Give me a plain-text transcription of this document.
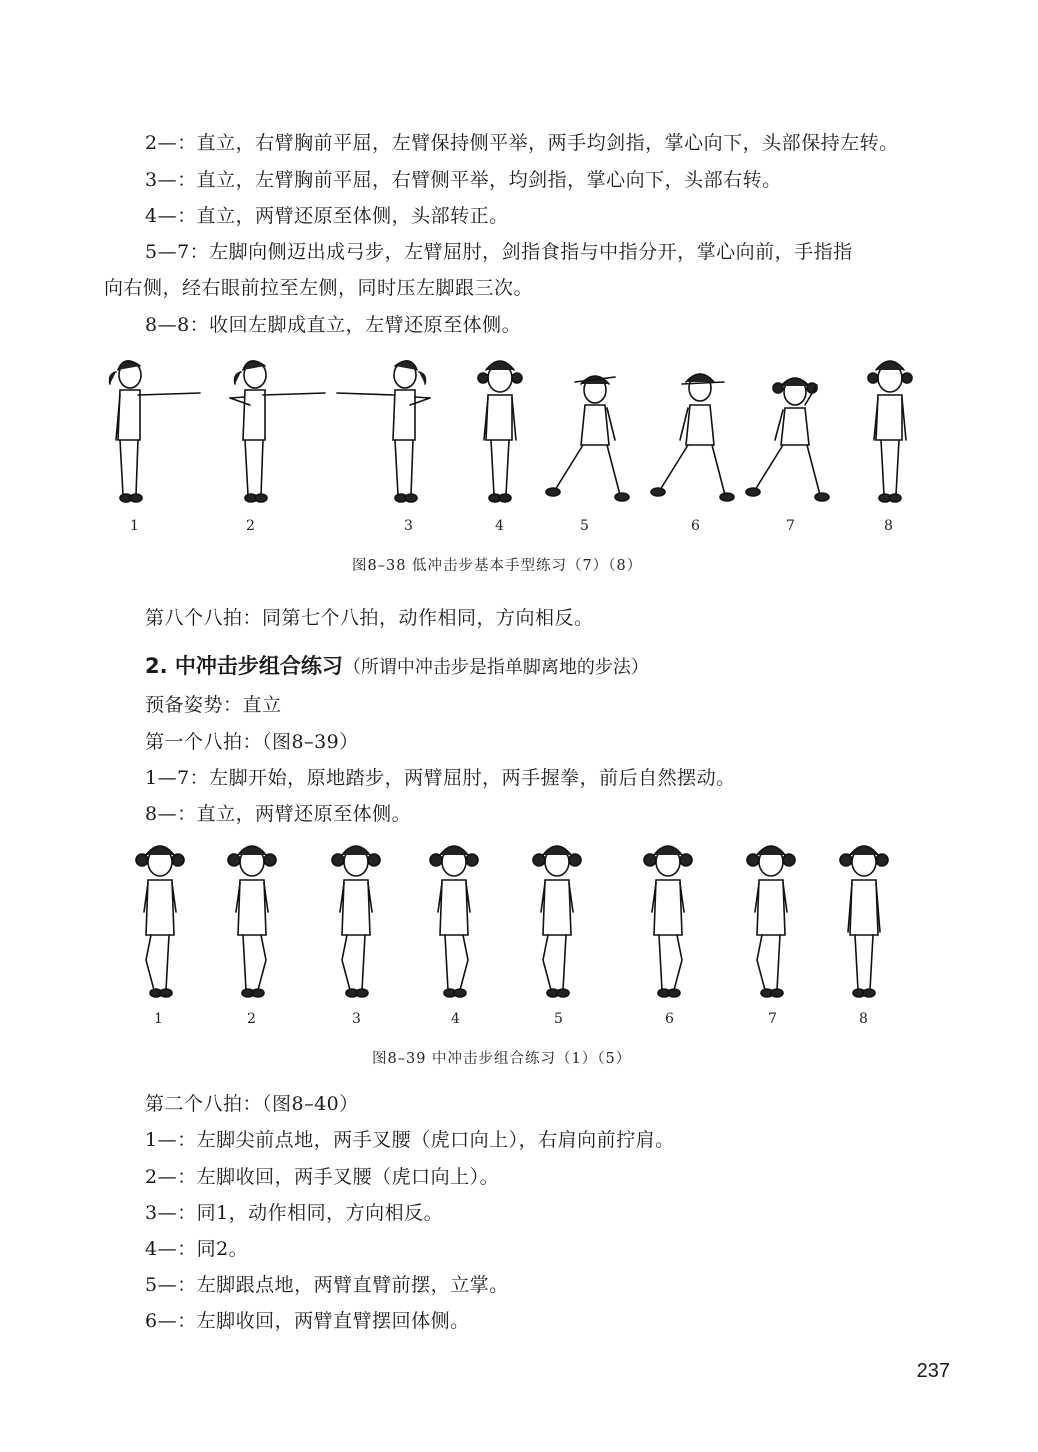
2—：直立，右臂胸前平屈，左臂保持侧平举，两手均剑指，掌心向下，头部保持左转。
3—：直立，左臂胸前平屈，右臂侧平举，均剑指，掌心向下，头部右转。
4—：直立，两臂还原至体侧，头部转正。
5—7：左脚向侧迈出成弓步，左臂屈肘，剑指食指与中指分开，掌心向前，手指指
向右侧，经右眼前拉至左侧，同时压左脚跟三次。
8—8：收回左脚成直立，左臂还原至体侧。
1	2	3	4	5	6	7	8
图8–38 低冲击步基本手型练习（7）（8）
第八个八拍：同第七个八拍，动作相同，方向相反。
2. 中冲击步组合练习（所谓中冲击步是指单脚离地的步法）
预备姿势：直立
第一个八拍：（图8–39）
1—7：左脚开始，原地踏步，两臂屈肘，两手握拳，前后自然摆动。
8—：直立，两臂还原至体侧。
1	2	3	4	5	6	7	8
图8–39 中冲击步组合练习（1）（5）
第二个八拍：（图8–40）
1—：左脚尖前点地，两手叉腰（虎口向上），右肩向前拧肩。
2—：左脚收回，两手叉腰（虎口向上）。
3—：同1，动作相同，方向相反。
4—：同2。
5—：左脚跟点地，两臂直臂前摆，立掌。
6—：左脚收回，两臂直臂摆回体侧。
237
